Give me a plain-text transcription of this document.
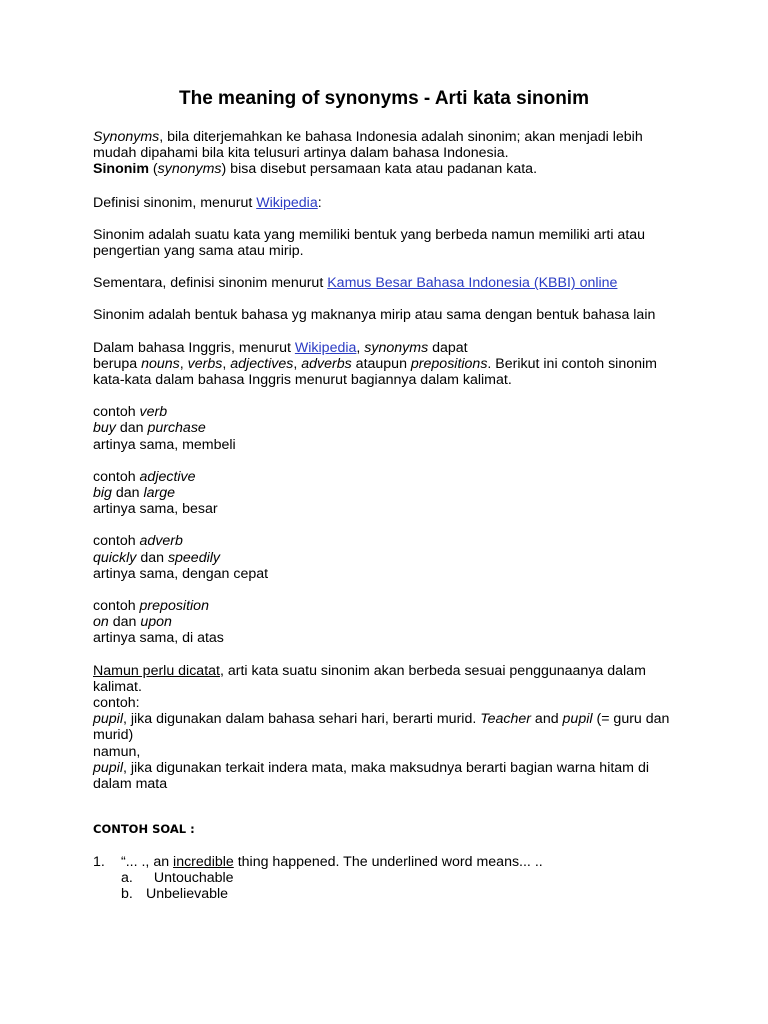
The meaning of synonyms - Arti kata sinonim

Synonyms, bila diterjemahkan ke bahasa Indonesia adalah sinonim; akan menjadi lebih mudah dipahami bila kita telusuri artinya dalam bahasa Indonesia.
Sinonim (synonyms) bisa disebut persamaan kata atau padanan kata.

Definisi sinonim, menurut Wikipedia:

Sinonim adalah suatu kata yang memiliki bentuk yang berbeda namun memiliki arti atau pengertian yang sama atau mirip.

Sementara, definisi sinonim menurut Kamus Besar Bahasa Indonesia (KBBI) online

Sinonim adalah bentuk bahasa yg maknanya mirip atau sama dengan bentuk bahasa lain

Dalam bahasa Inggris, menurut Wikipedia, synonyms dapat
berupa nouns, verbs, adjectives, adverbs ataupun prepositions. Berikut ini contoh sinonim kata-kata dalam bahasa Inggris menurut bagiannya dalam kalimat.

contoh verb
buy dan purchase
artinya sama, membeli

contoh adjective
big dan large
artinya sama, besar

contoh adverb
quickly dan speedily
artinya sama, dengan cepat

contoh preposition
on dan upon
artinya sama, di atas

Namun perlu dicatat, arti kata suatu sinonim akan berbeda sesuai penggunaanya dalam kalimat.
contoh:
pupil, jika digunakan dalam bahasa sehari hari, berarti murid. Teacher and pupil (= guru dan murid)
namun,
pupil, jika digunakan terkait indera mata, maka maksudnya berarti bagian warna hitam di dalam mata

CONTOH SOAL :
1. “... ., an incredible thing happened. The underlined word means... ..
a. Untouchable
b. Unbelievable
